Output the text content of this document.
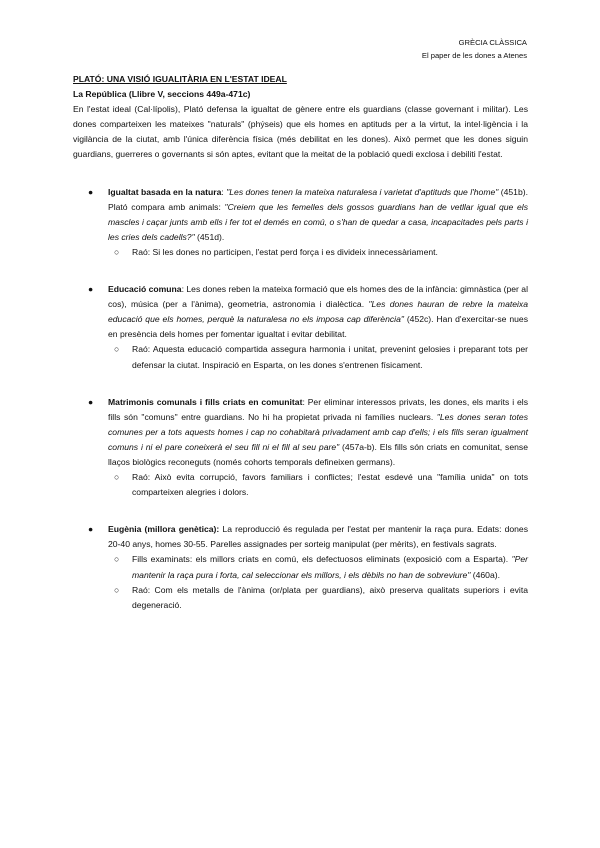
GRÈCIA CLÀSSICA
El paper de les dones a Atenes

PLATÓ: UNA VISIÓ IGUALITÀRIA EN L'ESTAT IDEAL

La República (Llibre V, seccions 449a-471c)

En l'estat ideal (Cal·lípolis), Plató defensa la igualtat de gènere entre els guardians (classe governant i militar). Les dones comparteixen les mateixes "naturals" (phýseis) que els homes en aptituds per a la virtut, la intel·ligència i la vigilància de la ciutat, amb l'única diferència física (més debilitat en les dones). Això permet que les dones siguin guardians, guerreres o governants si són aptes, evitant que la meitat de la població quedi exclosa i debiliti l'estat.

● Igualtat basada en la natura: "Les dones tenen la mateixa naturalesa i varietat d'aptituds que l'home" (451b). Plató compara amb animals: "Creiem que les femelles dels gossos guardians han de vetllar igual que els mascles i caçar junts amb ells i fer tot el demés en comú, o s'han de quedar a casa, incapacitades pels parts i les cries dels cadells?" (451d).
○ Raó: Si les dones no participen, l'estat perd força i es divideix innecessàriament.
● Educació comuna: Les dones reben la mateixa formació que els homes des de la infància: gimnàstica (per al cos), música (per a l'ànima), geometria, astronomia i dialèctica. "Les dones hauran de rebre la mateixa educació que els homes, perquè la naturalesa no els imposa cap diferència" (452c). Han d'exercitar-se nues en presència dels homes per fomentar igualtat i evitar debilitat.
○ Raó: Aquesta educació compartida assegura harmonia i unitat, prevenint gelosies i preparant tots per defensar la ciutat. Inspiració en Esparta, on les dones s'entrenen físicament.
● Matrimonis comunals i fills criats en comunitat: Per eliminar interessos privats, les dones, els marits i els fills són "comuns" entre guardians. No hi ha propietat privada ni famílies nuclears. "Les dones seran totes comunes per a tots aquests homes i cap no cohabitarà privadament amb cap d'ells; i els fills seran igualment comuns i ni el pare coneixerà el seu fill ni el fill al seu pare" (457a-b). Els fills són criats en comunitat, sense llaços biològics reconeguts (només cohorts temporals defineixen germans).
○ Raó: Això evita corrupció, favors familiars i conflictes; l'estat esdevé una "família unida" on tots comparteixen alegries i dolors.
● Eugènia (millora genètica): La reproducció és regulada per l'estat per mantenir la raça pura. Edats: dones 20-40 anys, homes 30-55. Parelles assignades per sorteig manipulat (per mèrits), en festivals sagrats.
○ Fills examinats: els millors criats en comú, els defectuosos eliminats (exposició com a Esparta). "Per mantenir la raça pura i forta, cal seleccionar els millors, i els dèbils no han de sobreviure" (460a).
○ Raó: Com els metalls de l'ànima (or/plata per guardians), això preserva qualitats superiors i evita degeneració.
